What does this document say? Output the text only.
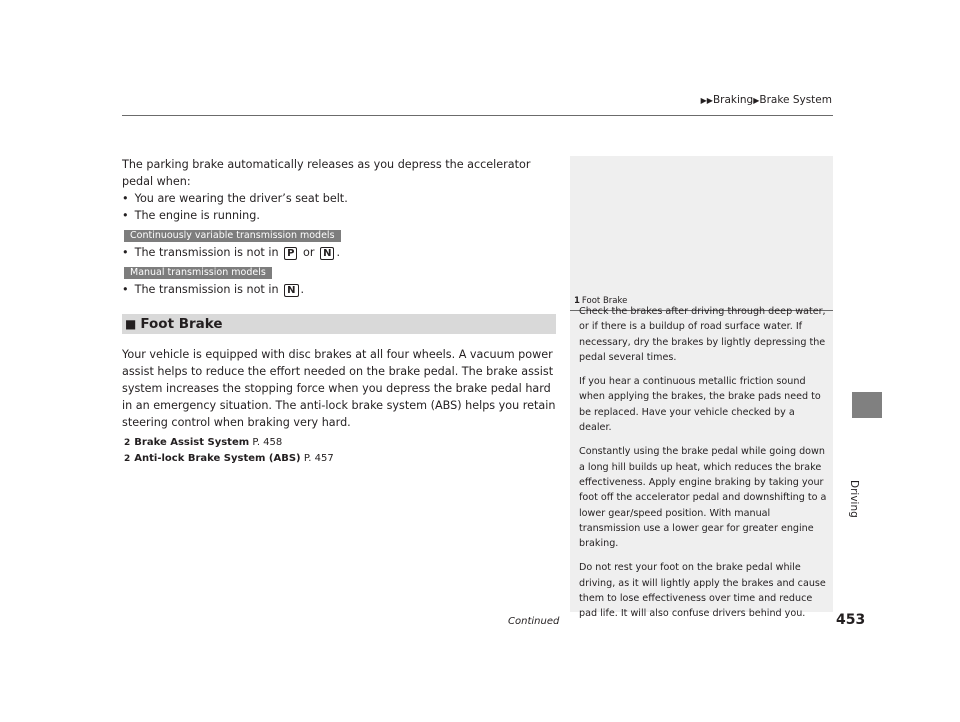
▶▶Braking▶Brake System
Driving

The parking brake automatically releases as you depress the accelerator pedal when:

• You are wearing the driver’s seat belt.

• The engine is running.

Continuously variable transmission models

• The transmission is not in P or N .

Manual transmission models

• The transmission is not in N .

■ Foot Brake

Your vehicle is equipped with disc brakes at all four wheels. A vacuum power assist helps to reduce the effort needed on the brake pedal. The brake assist system increases the stopping force when you depress the brake pedal hard in an emergency situation. The anti-lock brake system (ABS) helps you retain steering control when braking very hard.

2 Brake Assist System P. 458
2 Anti-lock Brake System (ABS) P. 457
1 Foot Brake

Check the brakes after driving through deep water, or if there is a buildup of road surface water. If necessary, dry the brakes by lightly depressing the pedal several times.

If you hear a continuous metallic friction sound when applying the brakes, the brake pads need to be replaced. Have your vehicle checked by a dealer.

Constantly using the brake pedal while going down a long hill builds up heat, which reduces the brake effectiveness. Apply engine braking by taking your foot off the accelerator pedal and downshifting to a lower gear/speed position. With manual transmission use a lower gear for greater engine braking.

Do not rest your foot on the brake pedal while driving, as it will lightly apply the brakes and cause them to lose effectiveness over time and reduce pad life. It will also confuse drivers behind you.

Continued	453
